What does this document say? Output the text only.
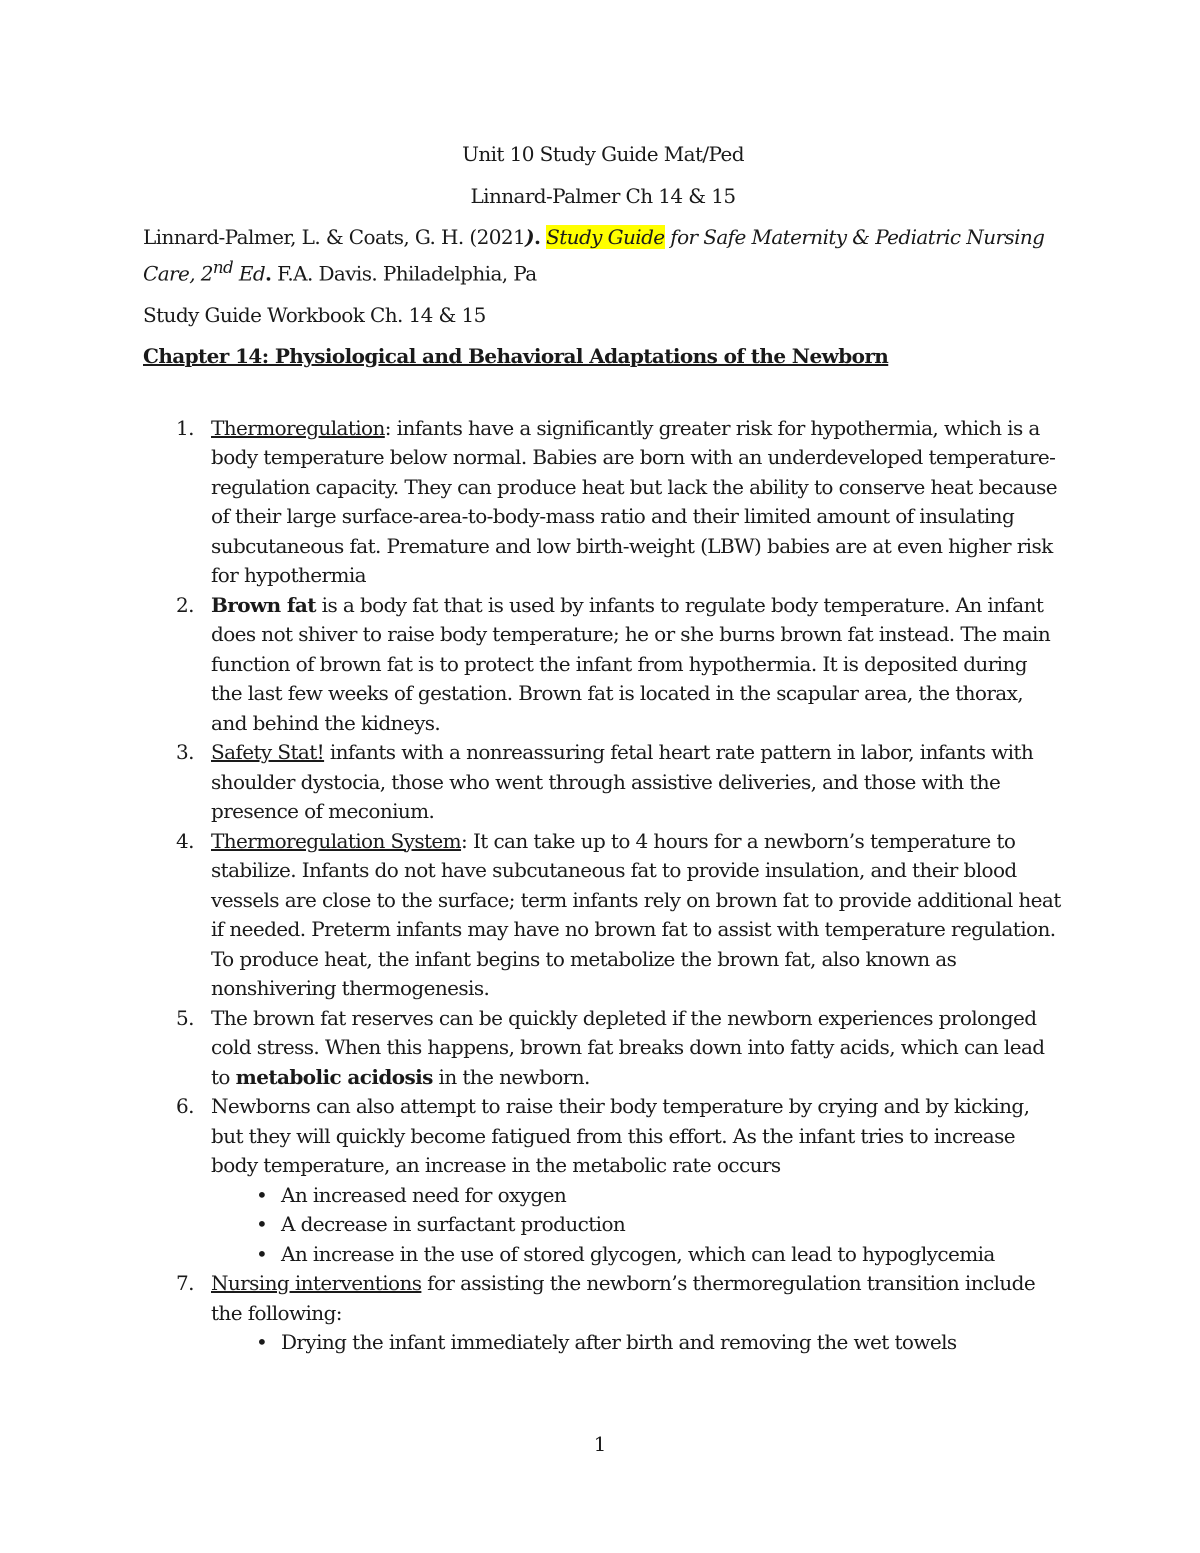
Unit 10 Study Guide Mat/Ped

Linnard-Palmer Ch 14 & 15

Linnard-Palmer, L. & Coats, G. H. (2021). Study Guide for Safe Maternity & Pediatric Nursing Care, 2nd Ed. F.A. Davis. Philadelphia, Pa

Study Guide Workbook Ch. 14 & 15

Chapter 14: Physiological and Behavioral Adaptations of the Newborn

1. Thermoregulation: infants have a significantly greater risk for hypothermia, which is a body temperature below normal. Babies are born with an underdeveloped temperature-regulation capacity. They can produce heat but lack the ability to conserve heat because of their large surface-area-to-body-mass ratio and their limited amount of insulating subcutaneous fat. Premature and low birth-weight (LBW) babies are at even higher risk for hypothermia
2. Brown fat is a body fat that is used by infants to regulate body temperature. An infant does not shiver to raise body temperature; he or she burns brown fat instead. The main function of brown fat is to protect the infant from hypothermia. It is deposited during the last few weeks of gestation. Brown fat is located in the scapular area, the thorax, and behind the kidneys.
3. Safety Stat! infants with a nonreassuring fetal heart rate pattern in labor, infants with shoulder dystocia, those who went through assistive deliveries, and those with the presence of meconium.
4. Thermoregulation System: It can take up to 4 hours for a newborn’s temperature to stabilize. Infants do not have subcutaneous fat to provide insulation, and their blood vessels are close to the surface; term infants rely on brown fat to provide additional heat if needed. Preterm infants may have no brown fat to assist with temperature regulation. To produce heat, the infant begins to metabolize the brown fat, also known as nonshivering thermogenesis.
5. The brown fat reserves can be quickly depleted if the newborn experiences prolonged cold stress. When this happens, brown fat breaks down into fatty acids, which can lead to metabolic acidosis in the newborn.
6. Newborns can also attempt to raise their body temperature by crying and by kicking, but they will quickly become fatigued from this effort. As the infant tries to increase body temperature, an increase in the metabolic rate occurs
• An increased need for oxygen
• A decrease in surfactant production
• An increase in the use of stored glycogen, which can lead to hypoglycemia
7. Nursing interventions for assisting the newborn’s thermoregulation transition include the following:
• Drying the infant immediately after birth and removing the wet towels
1
